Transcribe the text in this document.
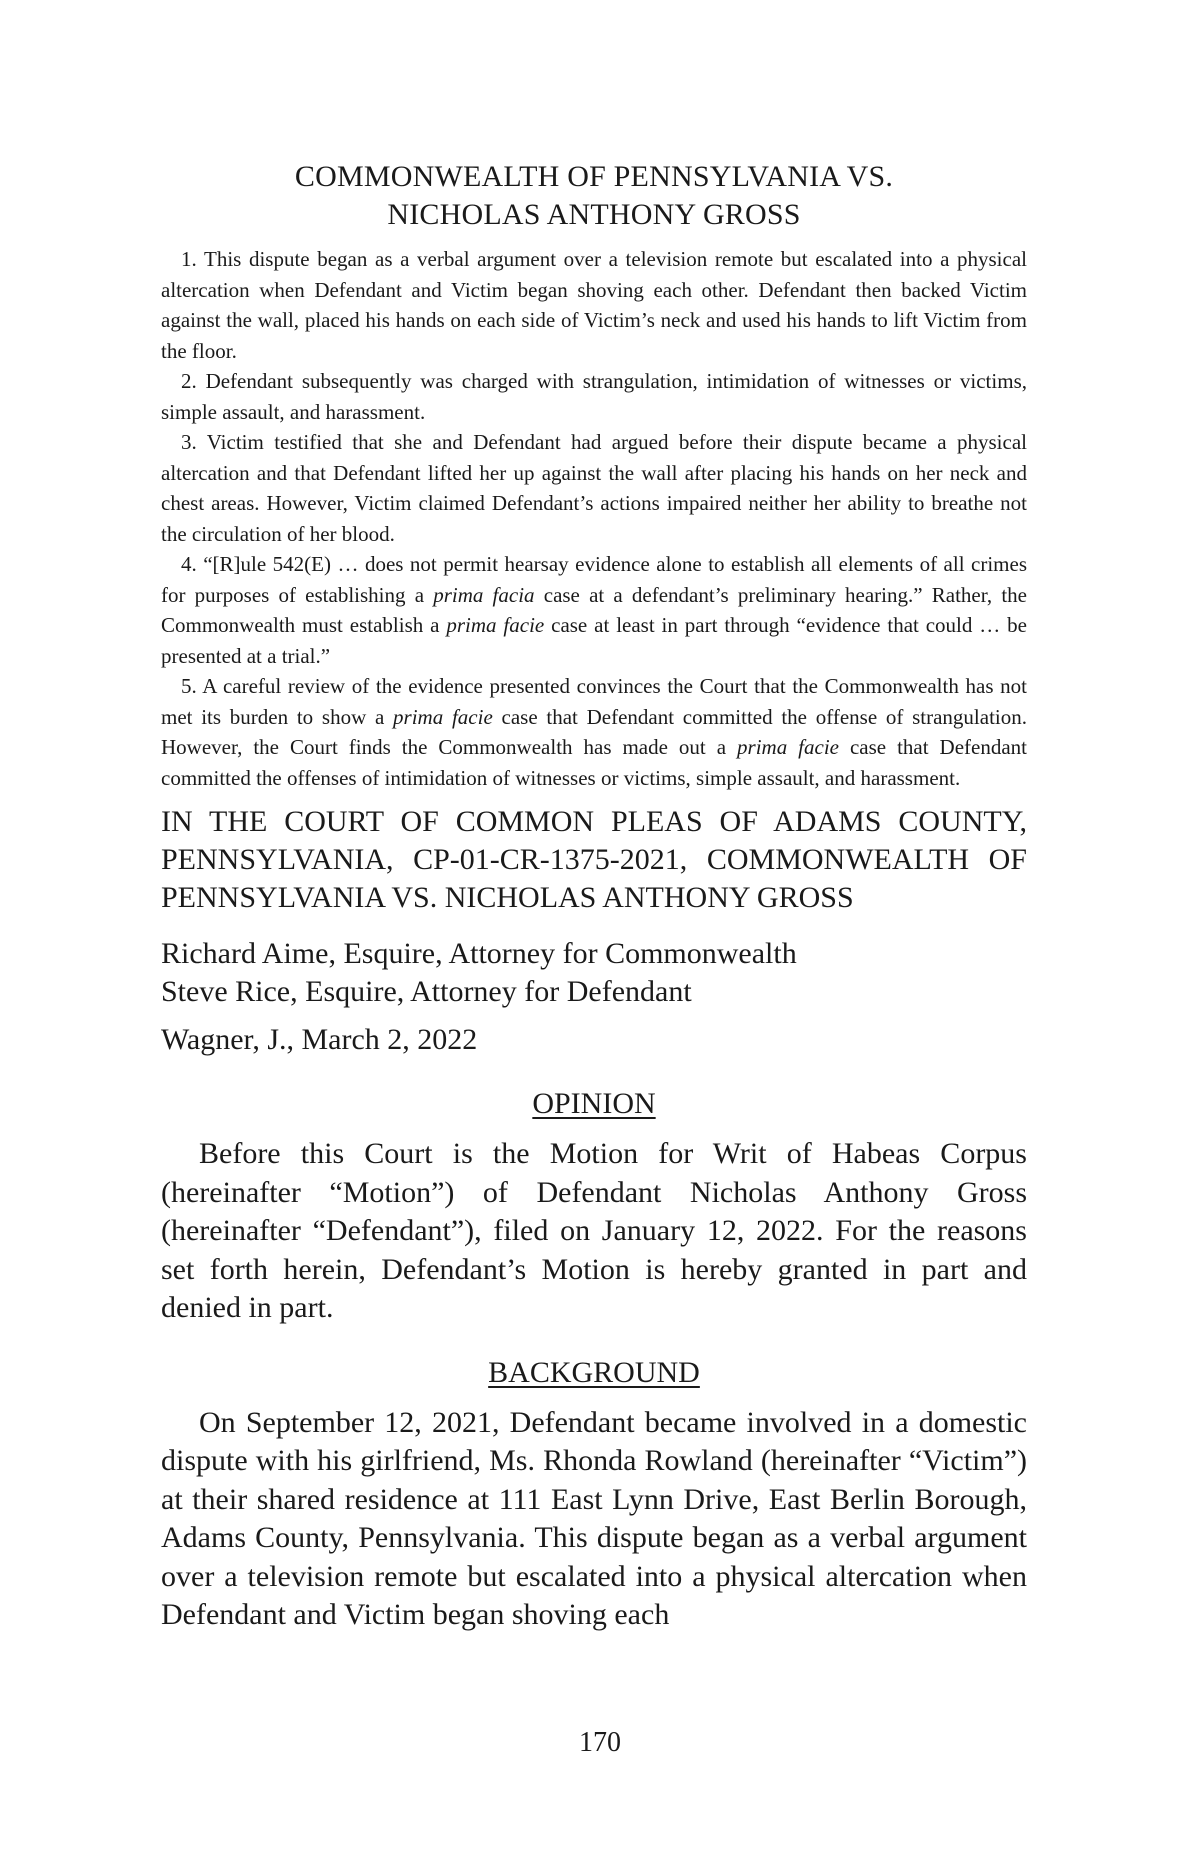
COMMONWEALTH OF PENNSYLVANIA VS.
NICHOLAS ANTHONY GROSS

1. This dispute began as a verbal argument over a television remote but escalated into a physical altercation when Defendant and Victim began shoving each other. Defendant then backed Victim against the wall, placed his hands on each side of Victim’s neck and used his hands to lift Victim from the floor.

2. Defendant subsequently was charged with strangulation, intimidation of witnesses or victims, simple assault, and harassment.

3. Victim testified that she and Defendant had argued before their dispute became a physical altercation and that Defendant lifted her up against the wall after placing his hands on her neck and chest areas. However, Victim claimed Defendant’s actions impaired neither her ability to breathe not the circulation of her blood.

4. “[R]ule 542(E) … does not permit hearsay evidence alone to establish all elements of all crimes for purposes of establishing a prima facia case at a defendant’s preliminary hearing.” Rather, the Commonwealth must establish a prima facie case at least in part through “evidence that could … be presented at a trial.”

5. A careful review of the evidence presented convinces the Court that the Commonwealth has not met its burden to show a prima facie case that Defendant committed the offense of strangulation. However, the Court finds the Commonwealth has made out a prima facie case that Defendant committed the offenses of intimidation of witnesses or victims, simple assault, and harassment.

IN THE COURT OF COMMON PLEAS OF ADAMS COUNTY, PENNSYLVANIA, CP-01-CR-1375-2021, COMMONWEALTH OF PENNSYLVANIA VS. NICHOLAS ANTHONY GROSS

Richard Aime, Esquire, Attorney for Commonwealth

Steve Rice, Esquire, Attorney for Defendant

Wagner, J., March 2, 2022

OPINION

Before this Court is the Motion for Writ of Habeas Corpus (hereinafter “Motion”) of Defendant Nicholas Anthony Gross (hereinafter “Defendant”), filed on January 12, 2022. For the reasons set forth herein, Defendant’s Motion is hereby granted in part and denied in part.

BACKGROUND

On September 12, 2021, Defendant became involved in a domestic dispute with his girlfriend, Ms. Rhonda Rowland (hereinafter “Victim”) at their shared residence at 111 East Lynn Drive, East Berlin Borough, Adams County, Pennsylvania. This dispute began as a verbal argument over a television remote but escalated into a physical altercation when Defendant and Victim began shoving each

170
